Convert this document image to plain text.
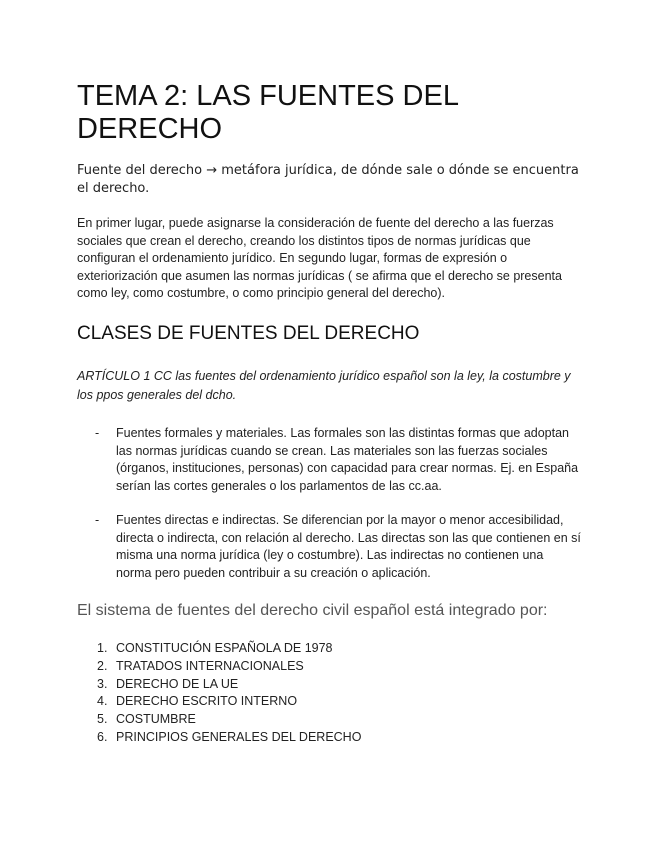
TEMA 2: LAS FUENTES DEL DERECHO

Fuente del derecho → metáfora jurídica, de dónde sale o dónde se encuentra el derecho.

En primer lugar, puede asignarse la consideración de fuente del derecho a las fuerzas sociales que crean el derecho, creando los distintos tipos de normas jurídicas que configuran el ordenamiento jurídico. En segundo lugar, formas de expresión o exteriorización que asumen las normas jurídicas ( se afirma que el derecho se presenta como ley, como costumbre, o como principio general del derecho).

CLASES DE FUENTES DEL DERECHO

ARTÍCULO 1 CC las fuentes del ordenamiento jurídico español son la ley, la costumbre y los ppos generales del dcho.

- Fuentes formales y materiales. Las formales son las distintas formas que adoptan las normas jurídicas cuando se crean. Las materiales son las fuerzas sociales (órganos, instituciones, personas) con capacidad para crear normas. Ej. en España serían las cortes generales o los parlamentos de las cc.aa.
- Fuentes directas e indirectas. Se diferencian por la mayor o menor accesibilidad, directa o indirecta, con relación al derecho. Las directas son las que contienen en sí misma una norma jurídica (ley o costumbre). Las indirectas no contienen una norma pero pueden contribuir a su creación o aplicación.
El sistema de fuentes del derecho civil español está integrado por:
1. CONSTITUCIÓN ESPAÑOLA DE 1978
2. TRATADOS INTERNACIONALES
3. DERECHO DE LA UE
4. DERECHO ESCRITO INTERNO
5. COSTUMBRE
6. PRINCIPIOS GENERALES DEL DERECHO
